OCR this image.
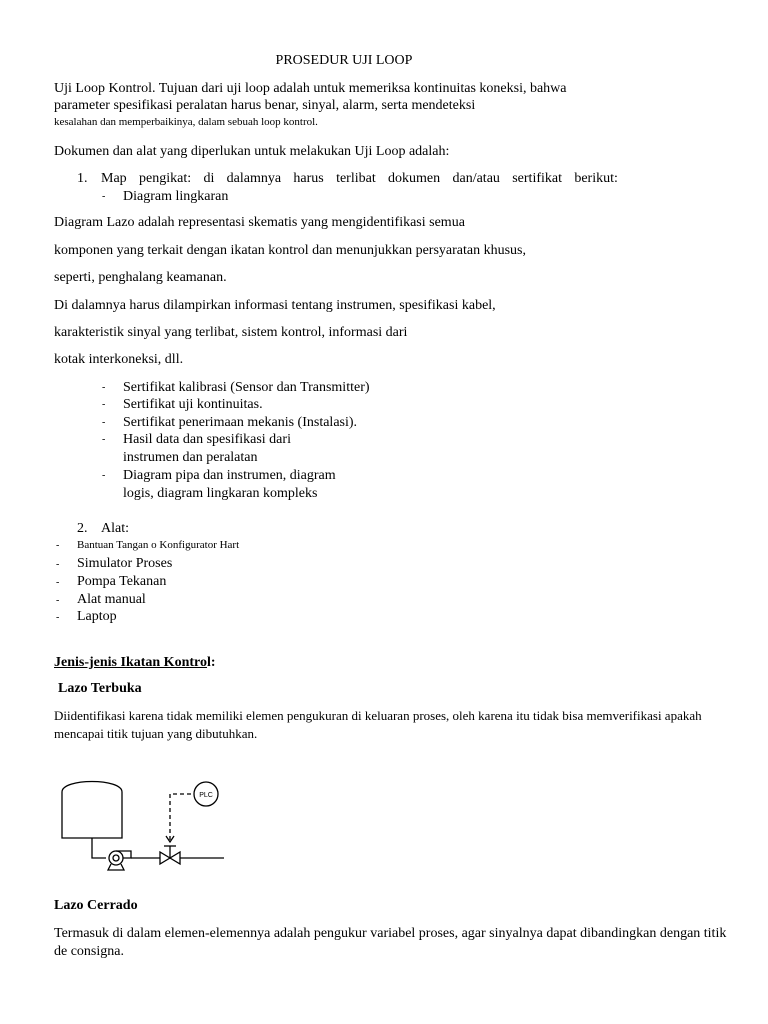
PROSEDUR UJI LOOP
Uji Loop Kontrol. Tujuan dari uji loop adalah untuk memeriksa kontinuitas koneksi, bahwa
parameter spesifikasi peralatan harus benar, sinyal, alarm, serta mendeteksi
kesalahan dan memperbaikinya, dalam sebuah loop kontrol.
Dokumen dan alat yang diperlukan untuk melakukan Uji Loop adalah:
1. Map pengikat: di dalamnya harus terlibat dokumen dan/atau sertifikat berikut:
- Diagram lingkaran
Diagram Lazo adalah representasi skematis yang mengidentifikasi semua
komponen yang terkait dengan ikatan kontrol dan menunjukkan persyaratan khusus,
seperti, penghalang keamanan.
Di dalamnya harus dilampirkan informasi tentang instrumen, spesifikasi kabel,
karakteristik sinyal yang terlibat, sistem kontrol, informasi dari
kotak interkoneksi, dll.
- Sertifikat kalibrasi (Sensor dan Transmitter)
- Sertifikat uji kontinuitas.
- Sertifikat penerimaan mekanis (Instalasi).
- Hasil data dan spesifikasi dari
instrumen dan peralatan
- Diagram pipa dan instrumen, diagram
logis, diagram lingkaran kompleks
2. Alat:
- Bantuan Tangan o Konfigurator Hart
- Simulator Proses
- Pompa Tekanan
- Alat manual
- Laptop
Jenis-jenis Ikatan Kontrol:
Lazo Terbuka
Diidentifikasi karena tidak memiliki elemen pengukuran di keluaran proses, oleh karena itu tidak bisa memverifikasi apakah
mencapai titik tujuan yang dibutuhkan.
PLC
Lazo Cerrado
Termasuk di dalam elemen-elemennya adalah pengukur variabel proses, agar sinyalnya dapat dibandingkan dengan titik
de consigna.
